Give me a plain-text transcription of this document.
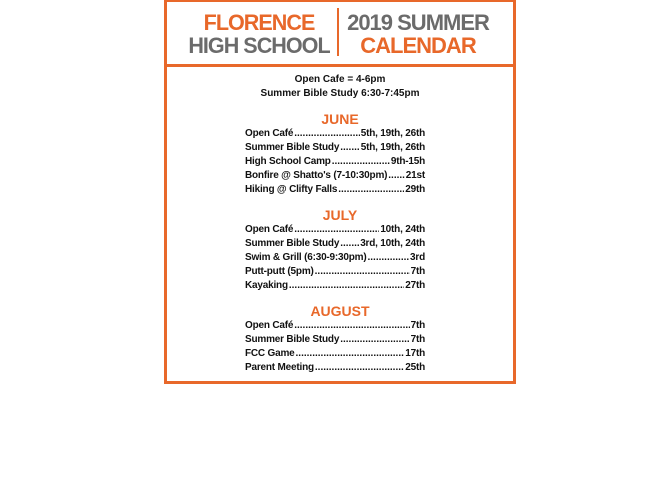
FLORENCE
HIGH SCHOOL
2019 SUMMER
CALENDAR
Open Cafe = 4-6pm
Summer Bible Study 6:30-7:45pm
JUNE
Open Café .....	5th, 19th, 26th
Summer Bible Study ..... 5th, 19th, 26th
High School Camp .....	9th-15h
Bonfire @ Shatto's (7-10:30pm) ..... 21st
Hiking @ Clifty Falls .....	29th
JULY
Open Café .....	10th, 24th
Summer Bible Study ..... 3rd, 10th, 24th
Swim & Grill (6:30-9:30pm) .....	3rd
Putt-putt (5pm) .....	7th
Kayaking .....	27th
AUGUST
Open Café .....	7th
Summer Bible Study .....	7th
FCC Game .....	17th
Parent Meeting .....	25th
